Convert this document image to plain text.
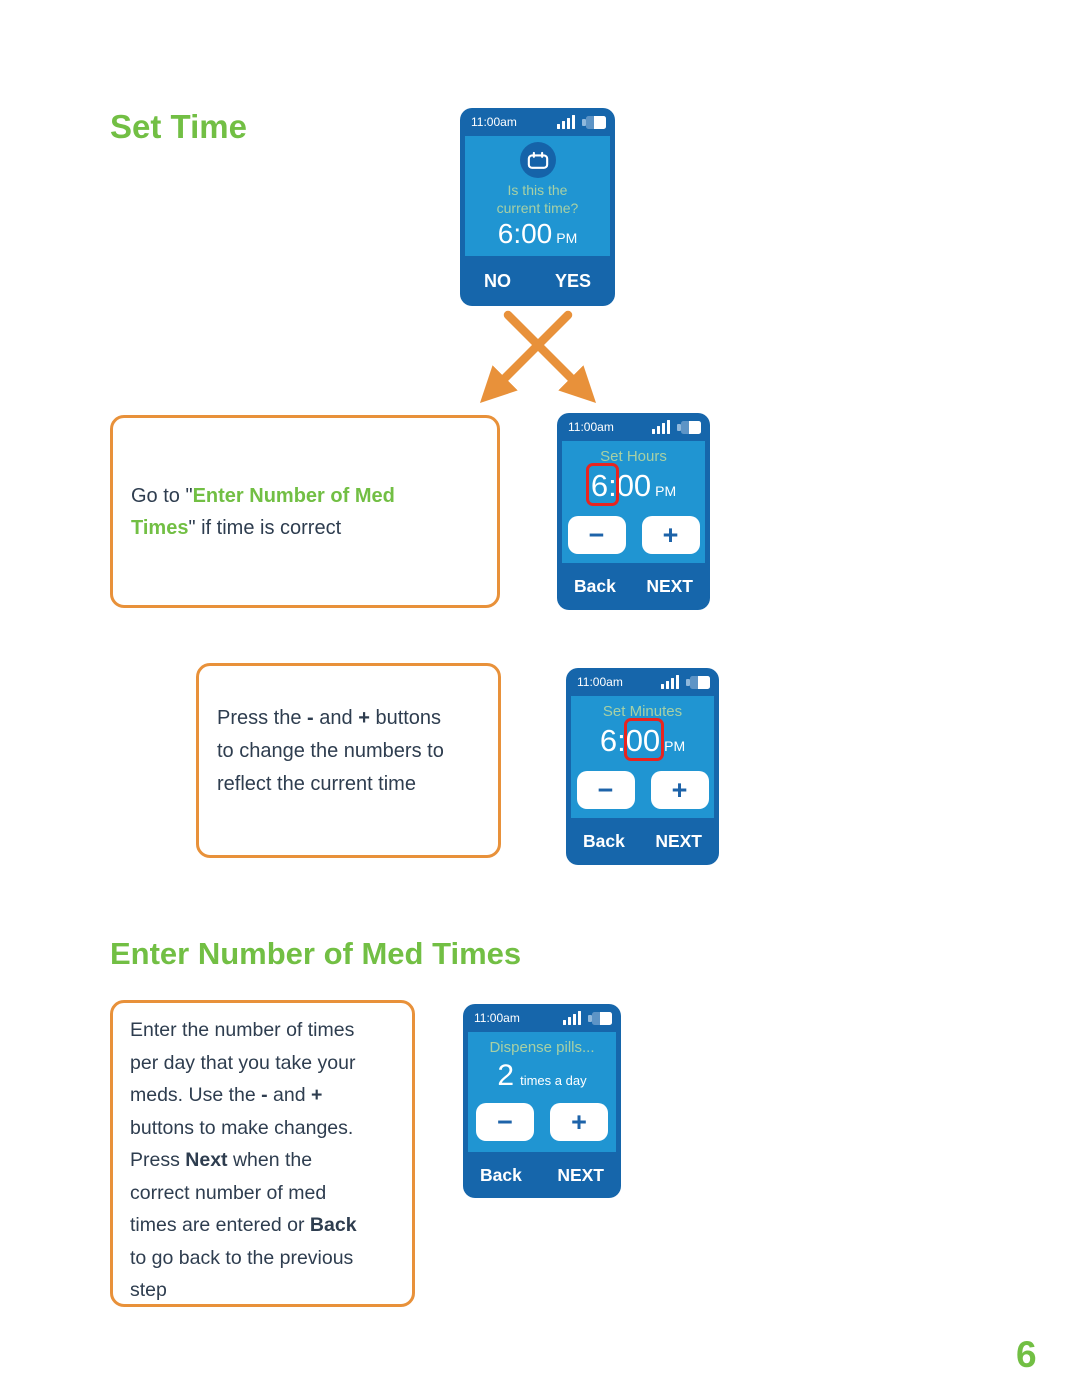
Set Time	11:00am
Is this the
current time?
6:00 PM
NO YES
Go to "Enter Number of Med
Times" if time is correct
11:00am
Set Hours
6:00 PM
−	+
Back NEXT
Press the - and + buttons
to change the numbers to
reflect the current time
11:00am
Set Minutes
6:00 PM
−	+
Back NEXT
Enter Number of Med Times
Enter the number of times
per day that you take your
meds. Use the - and +
buttons to make changes.
Press Next when the
correct number of med
times are entered or Back
to go back to the previous
step
11:00am
Dispense pills...
2 times a day
−	+
Back NEXT
6
